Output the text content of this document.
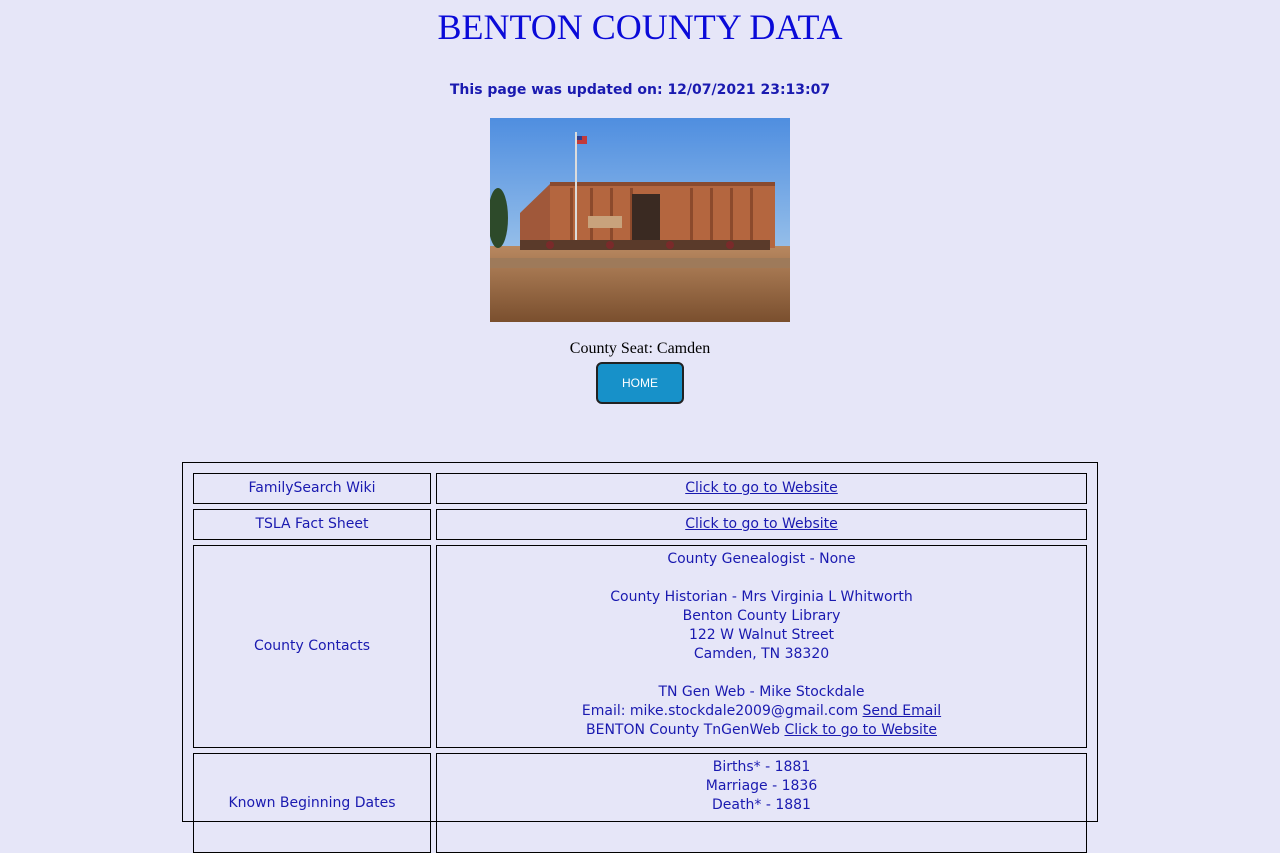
BENTON COUNTY DATA
This page was updated on: 12/07/2021 23:13:07
County Seat: Camden
HOME
FamilySearch Wiki	Click to go to Website
TSLA Fact Sheet	Click to go to Website
County Contacts
County Genealogist - None
County Historian - Mrs Virginia L Whitworth
Benton County Library
122 W Walnut Street
Camden, TN 38320
TN Gen Web - Mike Stockdale
Email: mike.stockdale2009@gmail.com Send Email
BENTON County TnGenWeb Click to go to Website
Known Beginning Dates
Births* - 1881
Marriage - 1836
Death* - 1881
